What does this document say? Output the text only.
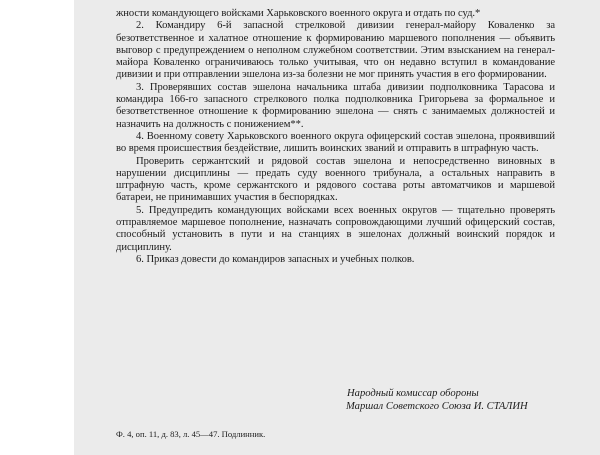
жности командующего войсками Харьковского военного округа и отдать по суд.*

2. Командиру 6-й запасной стрелковой дивизии генерал-майору Коваленко за безответственное и халатное отношение к формированию маршевого пополнения — объявить выговор с предупреждением о неполном служебном соответствии. Этим взысканием на генерал-майора Коваленко ограничиваюсь только учитывая, что он недавно вступил в командование дивизии и при отправлении эшелона из-за болезни не мог принять участия в его формировании.

3. Проверявших состав эшелона начальника штаба дивизии подполковника Тарасова и командира 166-го запасного стрелкового полка подполковника Григорьева за формальное и безответственное отношение к формированию эшелона — снять с занимаемых должностей и назначить на должность с понижением**.

4. Военному совету Харьковского военного округа офицерский состав эшелона, проявивший во время происшествия бездействие, лишить воинских званий и отправить в штрафную часть.

Проверить сержантский и рядовой состав эшелона и непосредственно виновных в нарушении дисциплины — предать суду военного трибунала, а остальных направить в штрафную часть, кроме сержантского и рядового состава роты автоматчиков и маршевой батареи, не принимавших участия в беспорядках.

5. Предупредить командующих войсками всех военных округов — тщательно проверять отправляемое маршевое пополнение, назначать сопровождающими лучший офицерский состав, способный установить в пути и на станциях в эшелонах должный воинский порядок и дисциплину.

6. Приказ довести до командиров запасных и учебных полков.

Народный комиссар обороны
Маршал Советского Союза И. СТАЛИН
Ф. 4, оп. 11, д. 83, л. 45—47. Подлинник.
